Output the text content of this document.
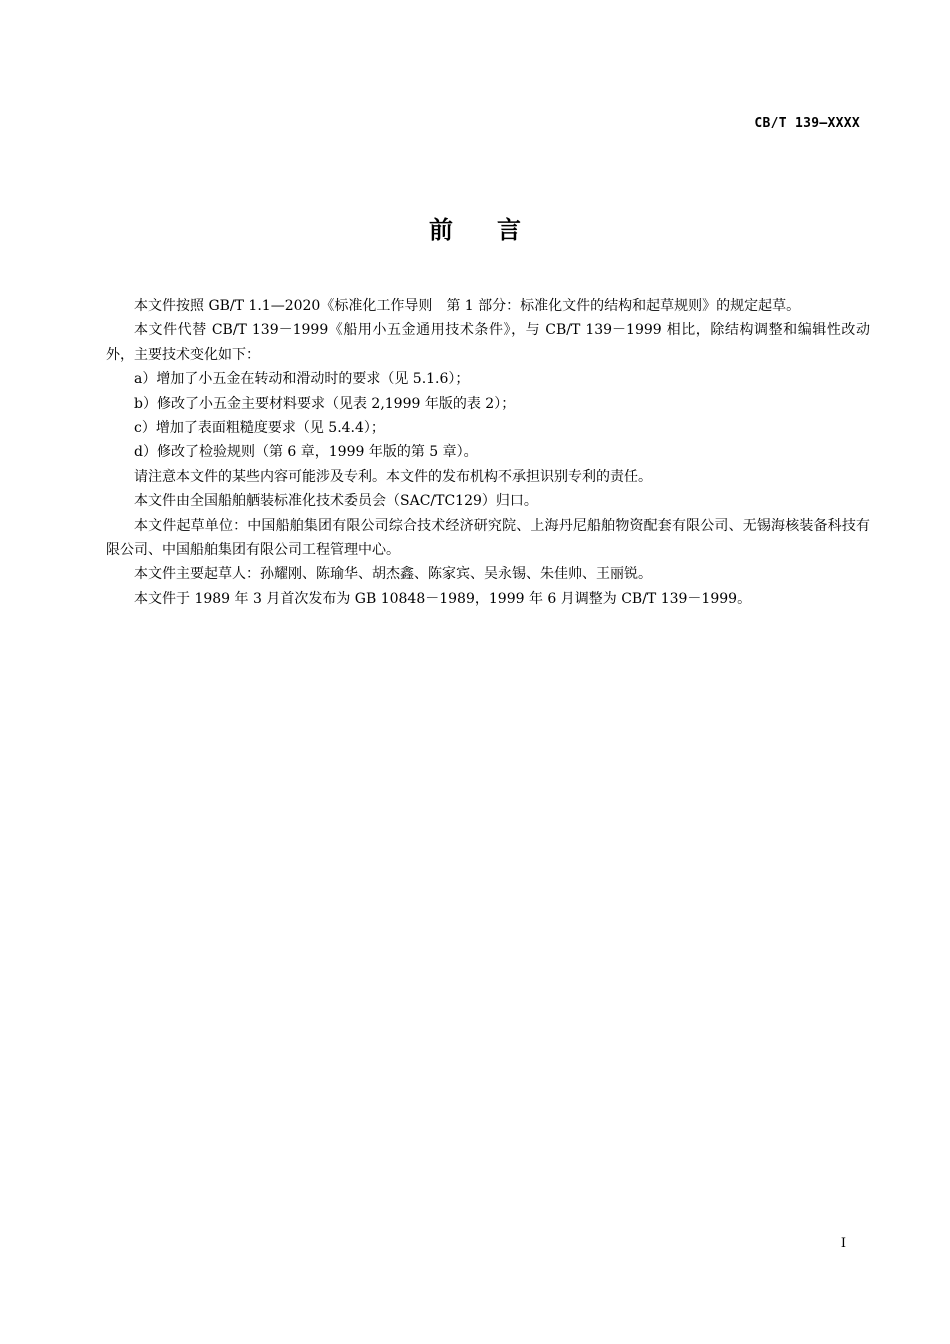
CB/T 139—XXXX
前言

本文件按照 GB/T 1.1—2020《标准化工作导则　第 1 部分：标准化文件的结构和起草规则》的规定起草。

本文件代替 CB/T 139－1999《船用小五金通用技术条件》，与 CB/T 139－1999 相比，除结构调整和编辑性改动外，主要技术变化如下：

a）增加了小五金在转动和滑动时的要求（见 5.1.6）；

b）修改了小五金主要材料要求（见表 2,1999 年版的表 2）；

c）增加了表面粗糙度要求（见 5.4.4）；

d）修改了检验规则（第 6 章，1999 年版的第 5 章）。

请注意本文件的某些内容可能涉及专利。本文件的发布机构不承担识别专利的责任。

本文件由全国船舶舾装标准化技术委员会（SAC/TC129）归口。

本文件起草单位：中国船舶集团有限公司综合技术经济研究院、上海丹尼船舶物资配套有限公司、无锡海核装备科技有限公司、中国船舶集团有限公司工程管理中心。

本文件主要起草人：孙耀刚、陈瑜华、胡杰鑫、陈家宾、吴永锡、朱佳帅、王丽锐。

本文件于 1989 年 3 月首次发布为 GB 10848－1989，1999 年 6 月调整为 CB/T 139－1999。

I
